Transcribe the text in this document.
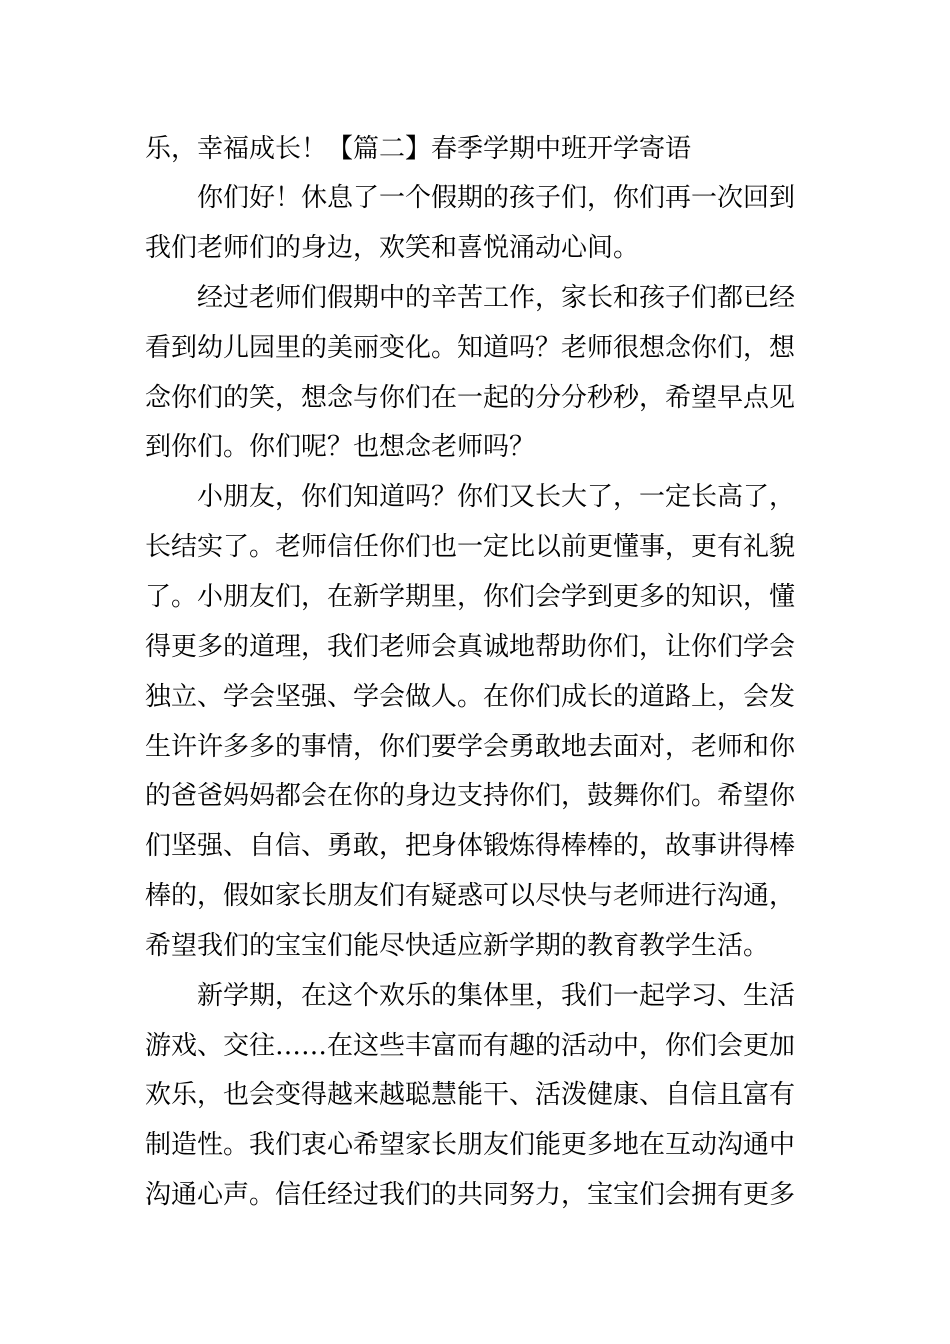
乐，幸福成长！【篇二】春季学期中班开学寄语
你们好！休息了一个假期的孩子们，你们再一次回到
我们老师们的身边，欢笑和喜悦涌动心间。
经过老师们假期中的辛苦工作，家长和孩子们都已经
看到幼儿园里的美丽变化。知道吗？老师很想念你们，想
念你们的笑，想念与你们在一起的分分秒秒，希望早点见
到你们。你们呢？也想念老师吗？
小朋友，你们知道吗？你们又长大了，一定长高了，
长结实了。老师信任你们也一定比以前更懂事，更有礼貌
了。小朋友们，在新学期里，你们会学到更多的知识，懂
得更多的道理，我们老师会真诚地帮助你们，让你们学会
独立、学会坚强、学会做人。在你们成长的道路上，会发
生许许多多的事情，你们要学会勇敢地去面对，老师和你
的爸爸妈妈都会在你的身边支持你们，鼓舞你们。希望你
们坚强、自信、勇敢，把身体锻炼得棒棒的，故事讲得棒
棒的，假如家长朋友们有疑惑可以尽快与老师进行沟通，
希望我们的宝宝们能尽快适应新学期的教育教学生活。
新学期，在这个欢乐的集体里，我们一起学习、生活
游戏、交往……在这些丰富而有趣的活动中，你们会更加
欢乐，也会变得越来越聪慧能干、活泼健康、自信且富有
制造性。我们衷心希望家长朋友们能更多地在互动沟通中
沟通心声。信任经过我们的共同努力，宝宝们会拥有更多
